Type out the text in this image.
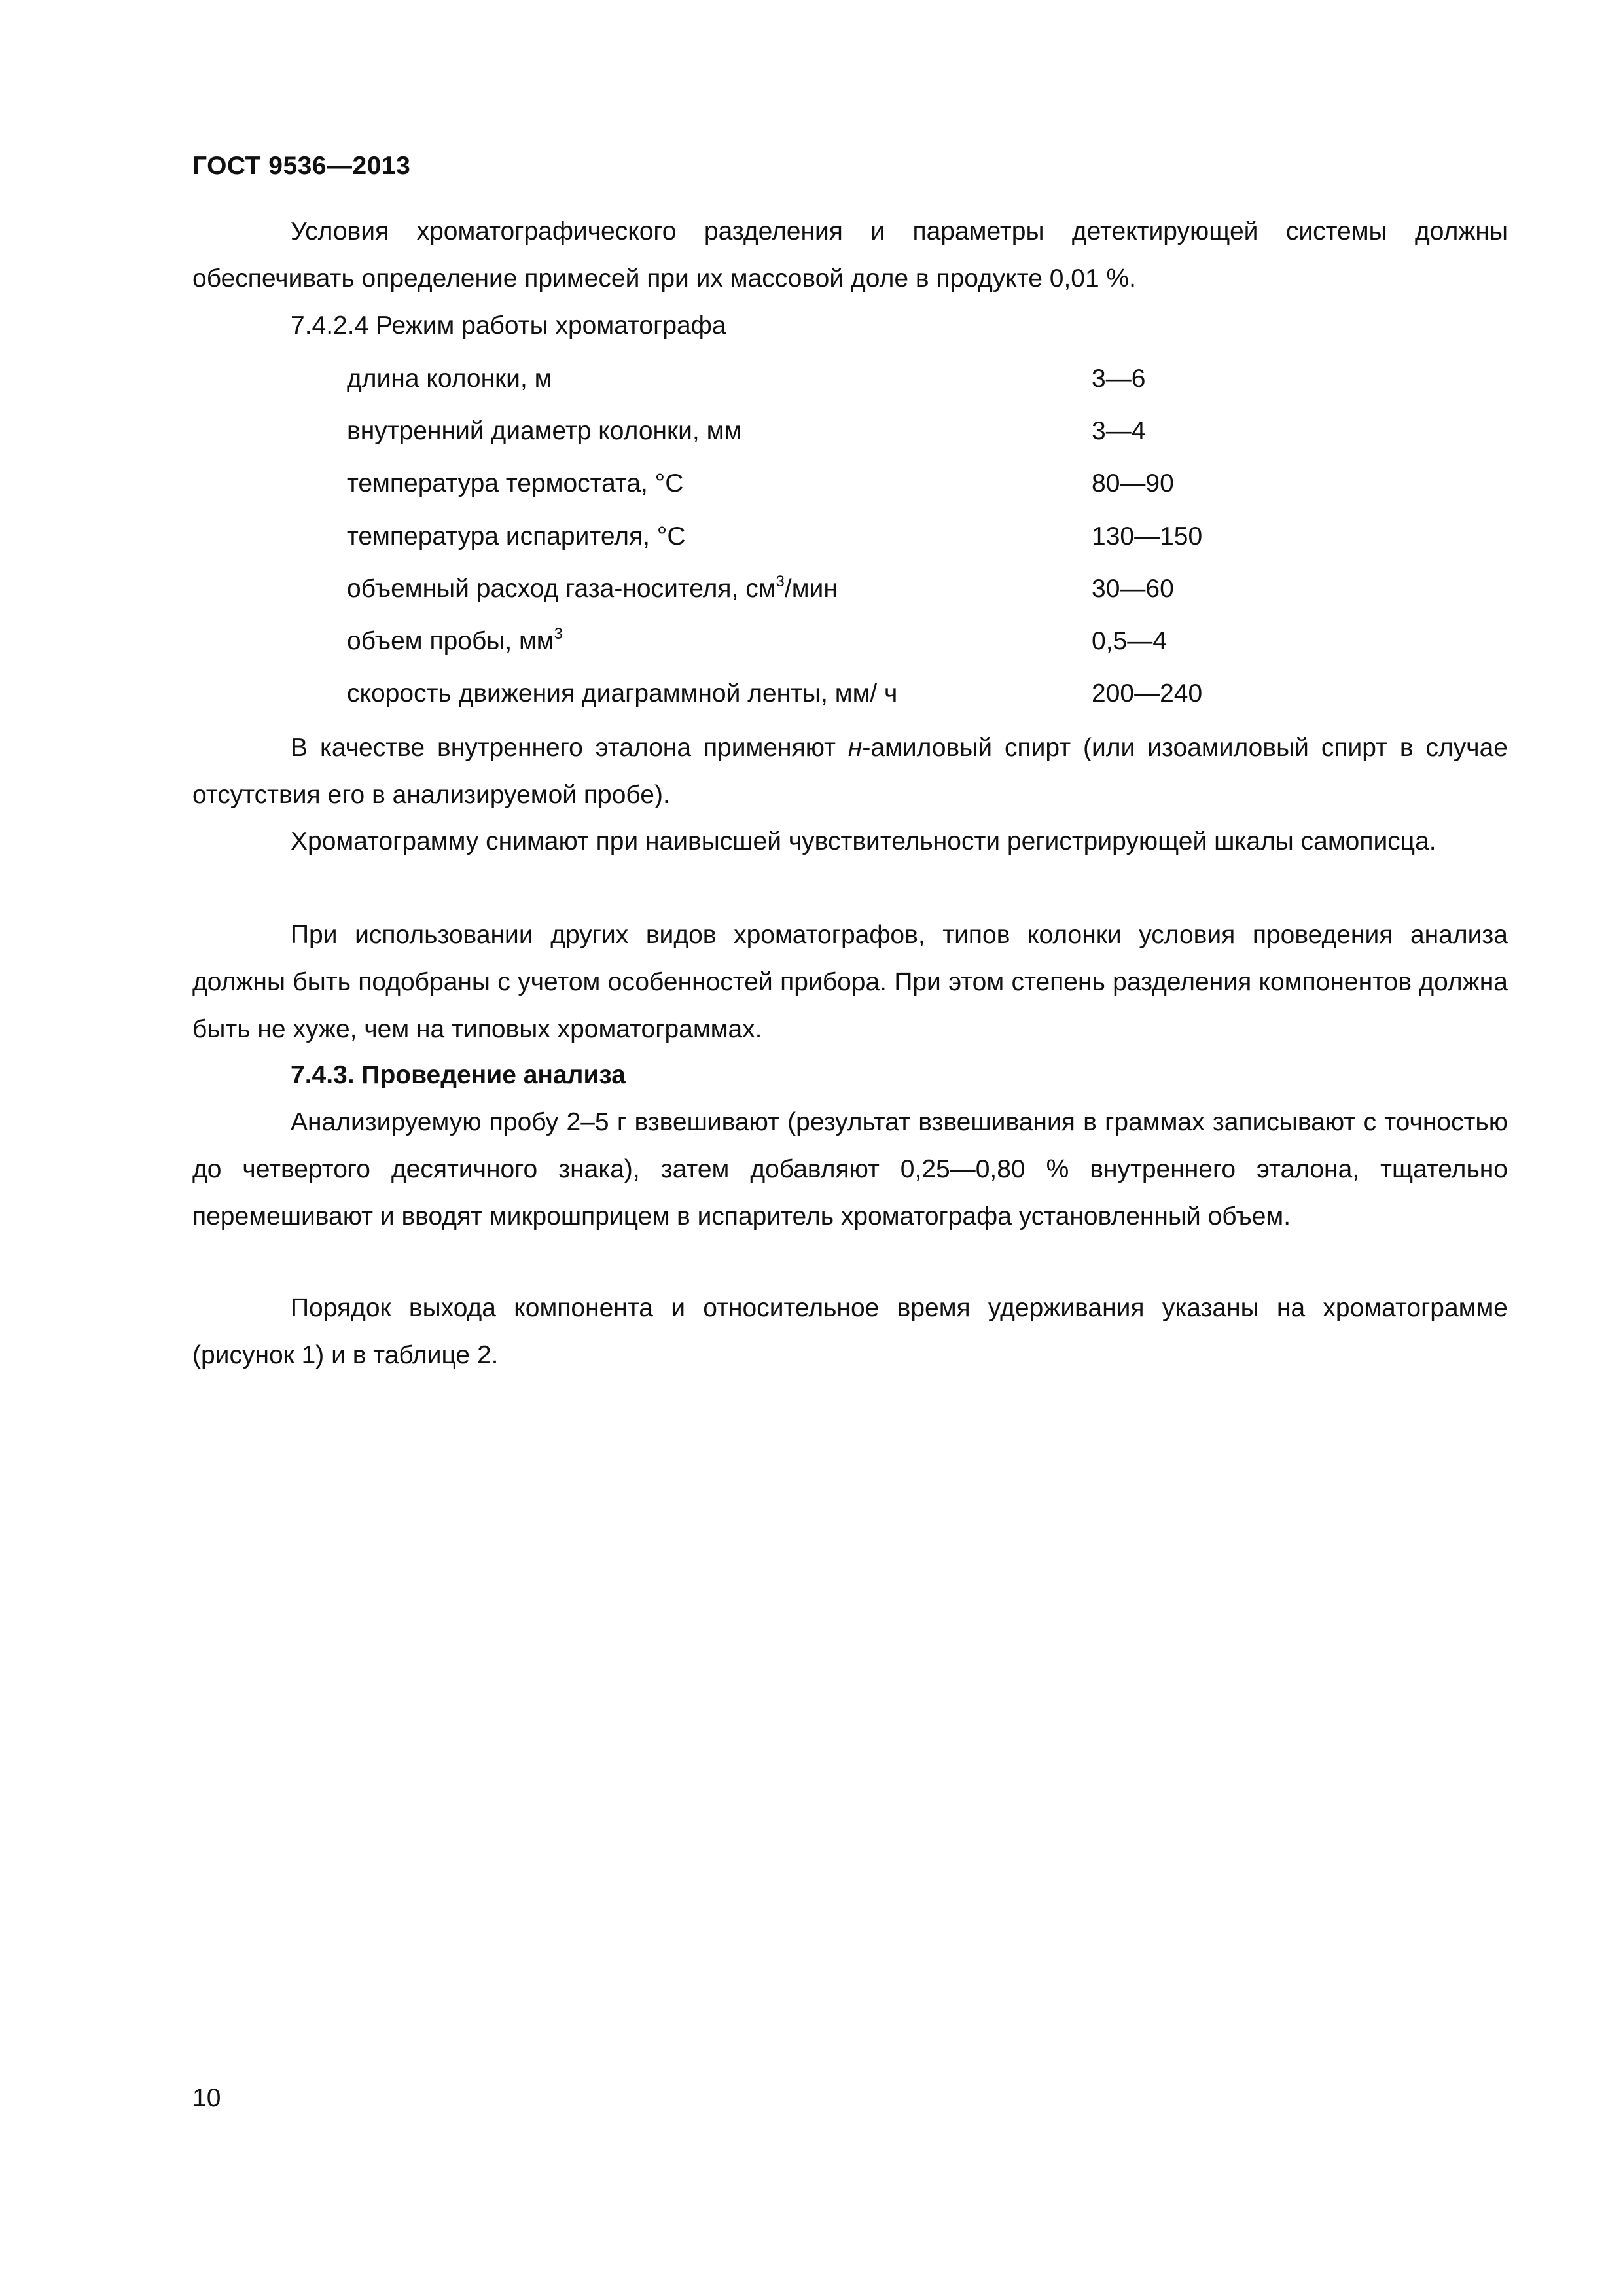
ГОСТ 9536—2013

Условия хроматографического разделения и параметры детектирующей системы должны обеспечивать определение примесей при их массовой доле в продукте 0,01 %.

7.4.2.4 Режим работы хроматографа

длина колонки, м	3—6
внутренний диаметр колонки, мм	3—4
температура термостата, °С	80—90
температура испарителя, °С	130—150
объемный расход газа-носителя, $см^3$/мин	30—60
объем пробы, $мм^3$	0,5—4
скорость движения диаграммной ленты, мм/ ч	200—240

В качестве внутреннего эталона применяют н-амиловый спирт (или изоамиловый спирт в случае отсутствия его в анализируемой пробе).

Хроматограмму снимают при наивысшей чувствительности регистрирующей шкалы самописца.

При использовании других видов хроматографов, типов колонки условия проведения анализа должны быть подобраны с учетом особенностей прибора. При этом степень разделения компонентов должна быть не хуже, чем на типовых хроматограммах.

7.4.3. Проведение анализа

Анализируемую пробу 2–5 г взвешивают (результат взвешивания в граммах записывают с точностью до четвертого десятичного знака), затем добавляют 0,25—0,80 % внутреннего эталона, тщательно перемешивают и вводят микрошприцем в испаритель хроматографа установленный объем.

Порядок выхода компонента и относительное время удерживания указаны на хроматограмме (рисунок 1) и в таблице 2.

10
